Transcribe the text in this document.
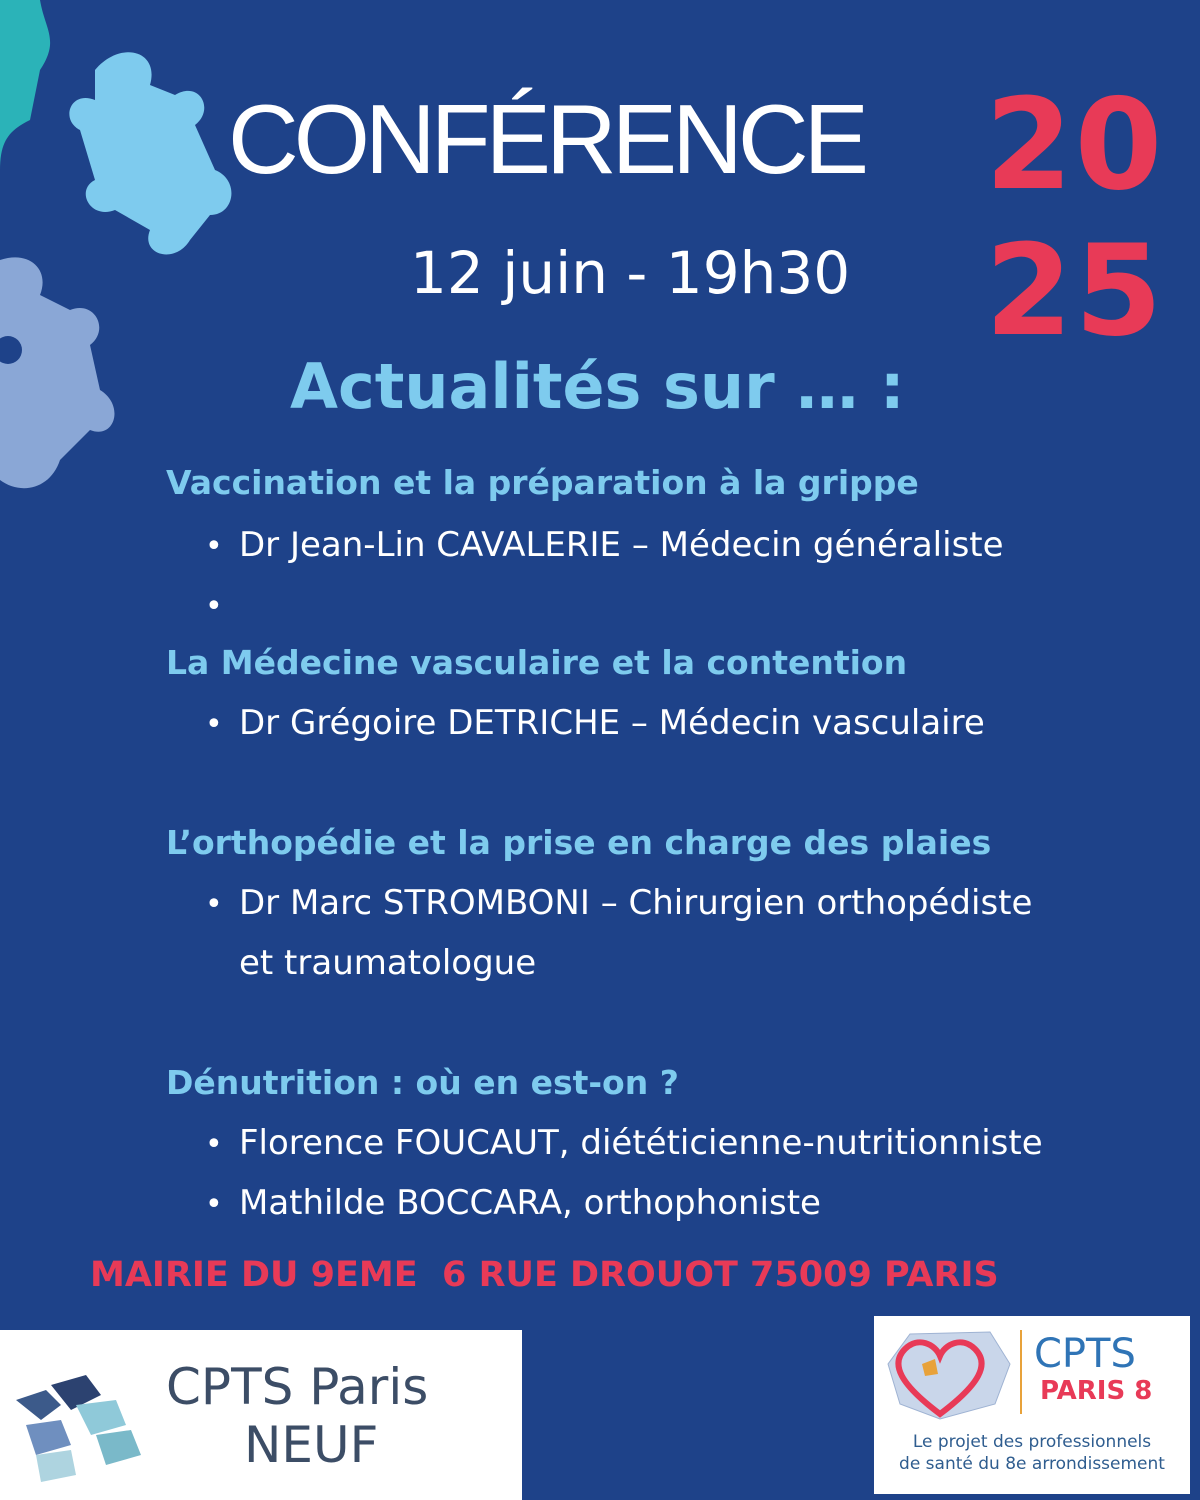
CONFÉRENCE 20
25
12 juin - 19h30
Actualités sur … :
Vaccination et la préparation à la grippe
• Dr Jean-Lin CAVALERIE – Médecin généraliste
•
La Médecine vasculaire et la contention
• Dr Grégoire DETRICHE – Médecin vasculaire
L’orthopédie et la prise en charge des plaies
• Dr Marc STROMBONI – Chirurgien orthopédiste
et traumatologue
Dénutrition : où en est-on ?
• Florence FOUCAUT, diététicienne-nutritionniste
• Mathilde BOCCARA, orthophoniste
MAIRIE DU 9EME  6 RUE DROUOT 75009 PARIS
CPTS Paris
NEUF
CPTS
PARIS 8
Le projet des professionnels
de santé du 8e arrondissement
